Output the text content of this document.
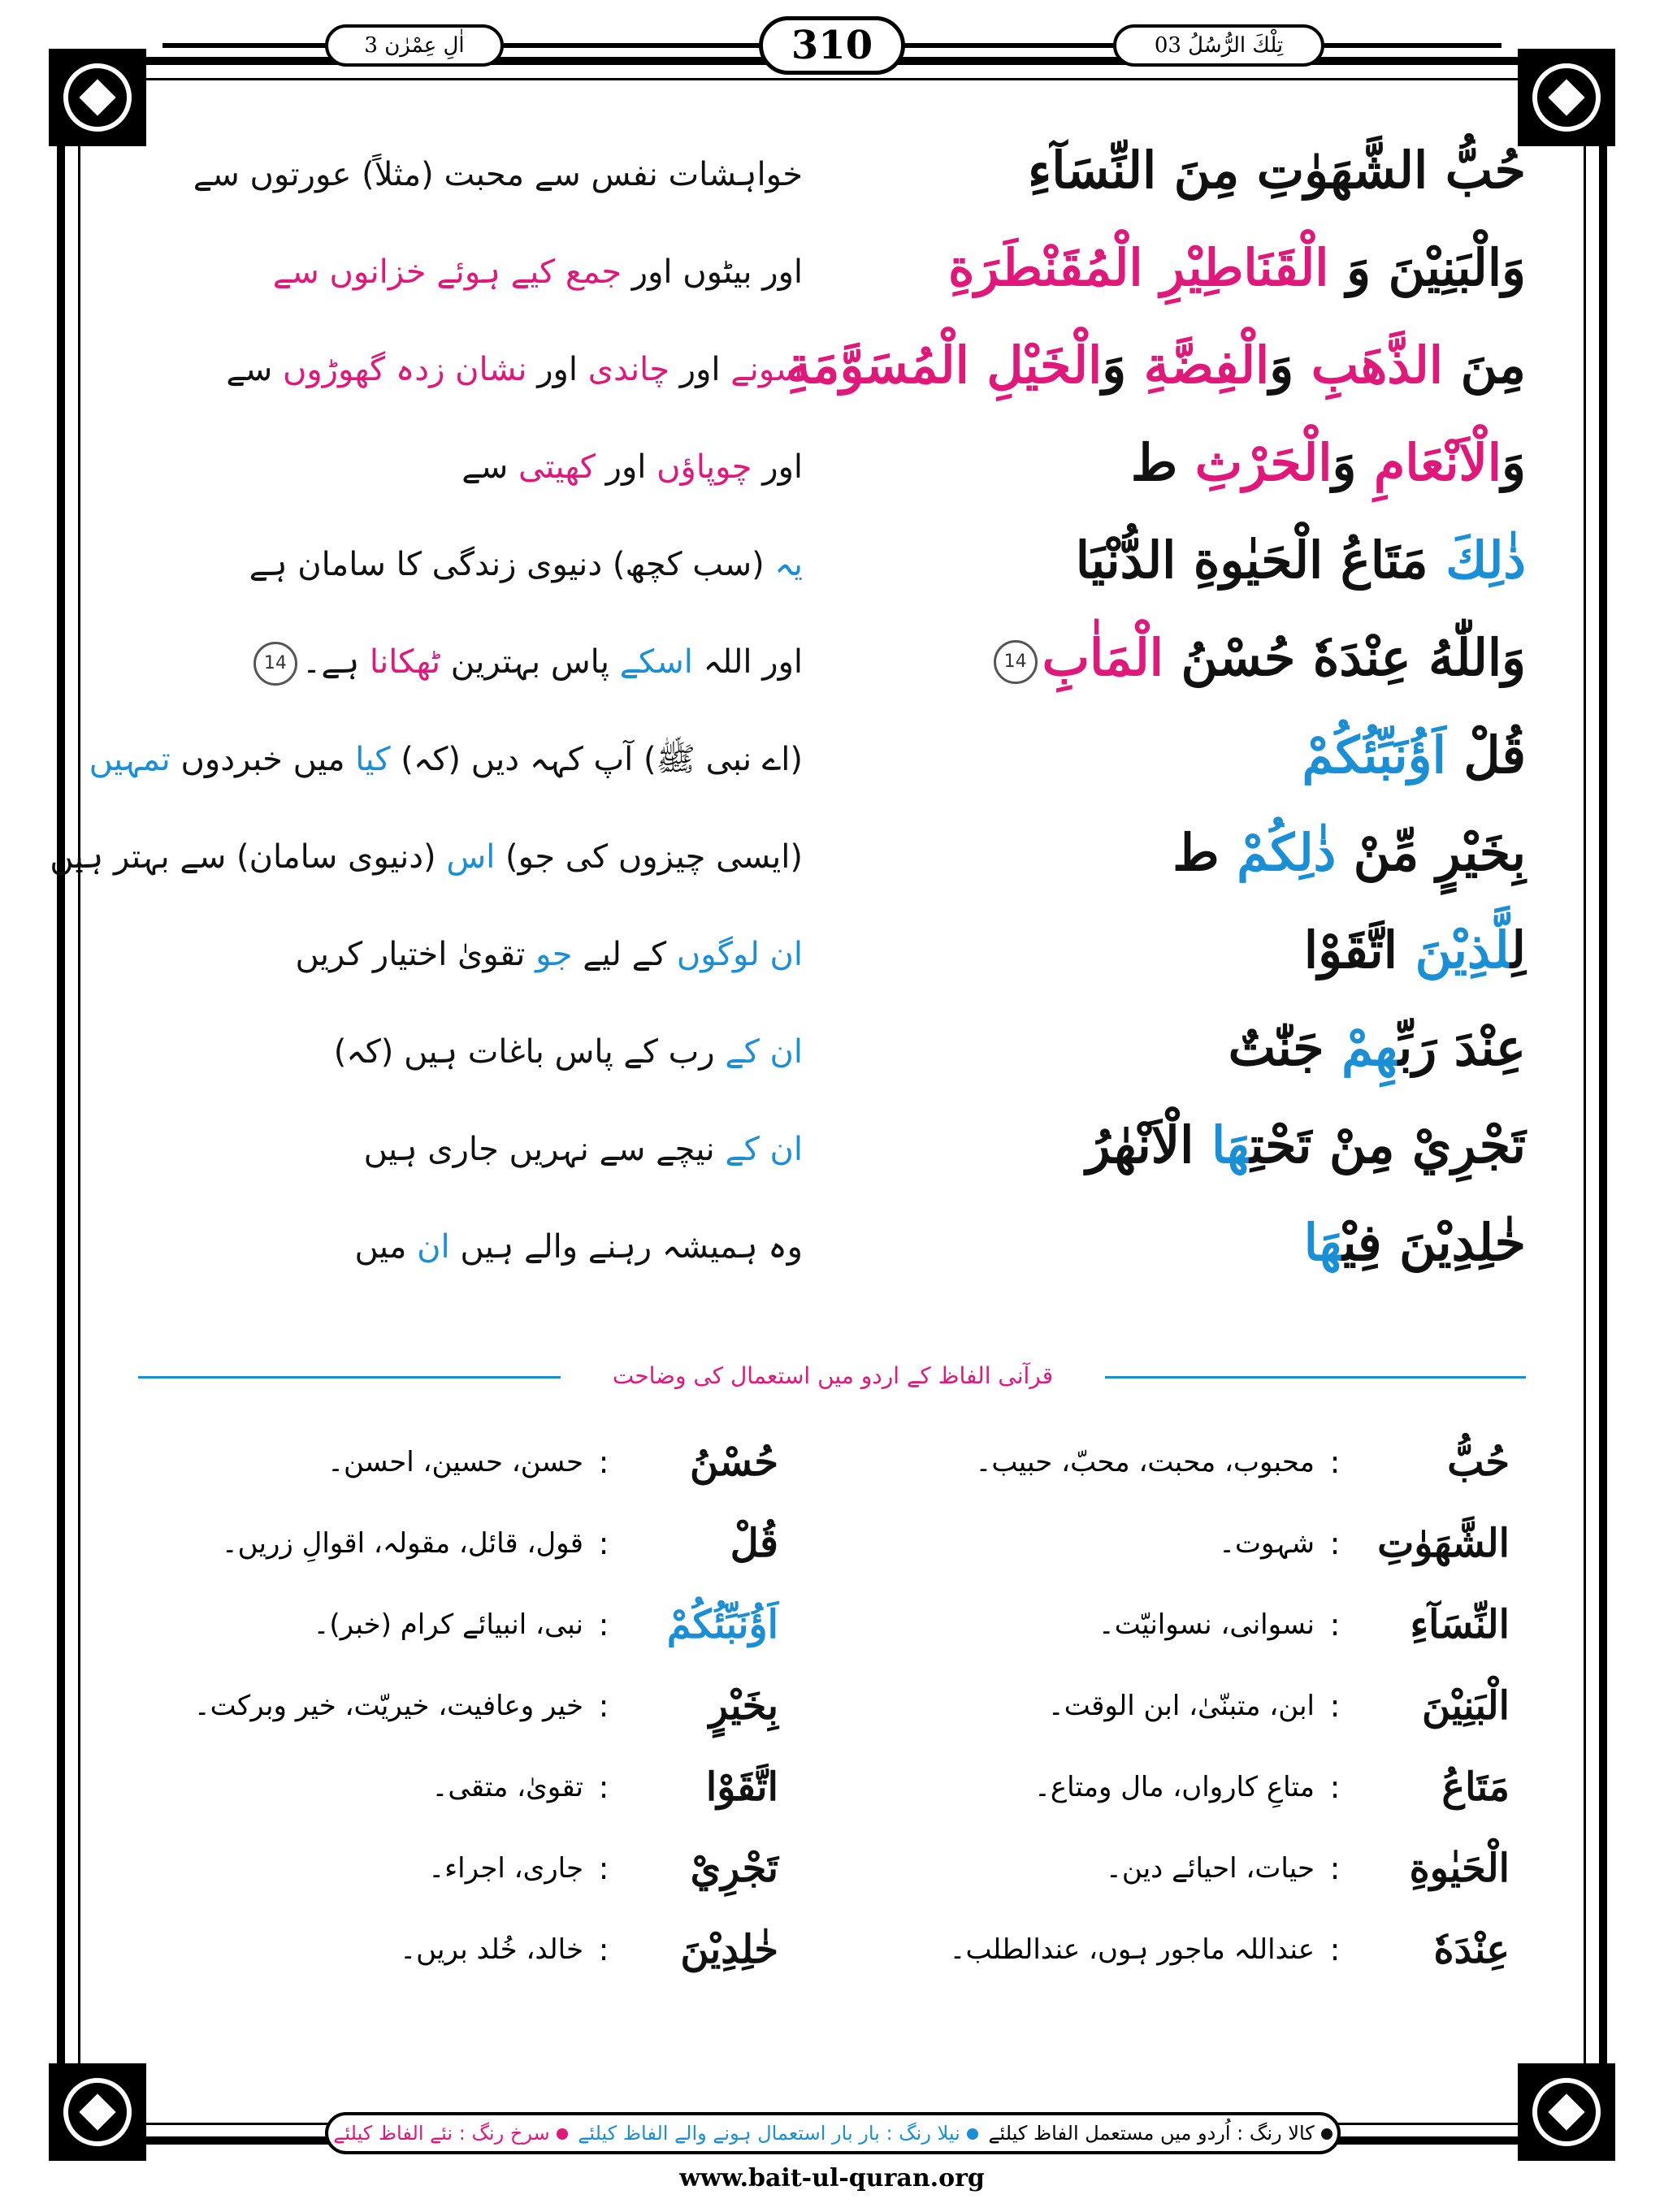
اٰلِ عِمْرٰن 3	310	تِلْكَ الرُّسُلُ 03
حُبُّ الشَّهَوٰتِ مِنَ النِّسَآءِ
خواہشات نفس سے محبت (مثلاً) عورتوں سے
وَالْبَنِيْنَ وَ الْقَنَاطِيْرِ الْمُقَنْطَرَةِ
اور بیٹوں اور جمع کیے ہوئے خزانوں سے
مِنَ الذَّهَبِ وَالْفِضَّةِ وَالْخَيْلِ الْمُسَوَّمَةِ
سونے اور چاندی اور نشان زدہ گھوڑوں سے
وَالْاَنْعَامِ وَالْحَرْثِ ط
اور چوپاؤں اور کھیتی سے
ذٰلِكَ مَتَاعُ الْحَيٰوةِ الدُّنْيَا
یہ (سب کچھ) دنیوی زندگی کا سامان ہے
وَاللّٰهُ عِنْدَهٗ حُسْنُ الْمَاٰبِ14
اور اللہ اسکے پاس بہترین ٹھکانا ہے۔14
قُلْ اَؤُنَبِّئُكُمْ
(اے نبی ﷺ) آپ کہہ دیں (کہ) کیا میں خبردوں تمہیں
بِخَيْرٍ مِّنْ ذٰلِكُمْ ط
(ایسی چیزوں کی جو) اس (دنیوی سامان) سے بہتر ہیں
لِلَّذِيْنَ اتَّقَوْا
ان لوگوں کے لیے جو تقویٰ اختیار کریں
عِنْدَ رَبِّهِمْ جَنّٰتٌ
ان کے رب کے پاس باغات ہیں (کہ)
تَجْرِيْ مِنْ تَحْتِهَا الْاَنْهٰرُ
ان کے نیچے سے نہریں جاری ہیں
خٰلِدِيْنَ فِيْهَا
وہ ہمیشہ رہنے والے ہیں ان میں
قرآنی الفاظ کے اردو میں استعمال کی وضاحت
حُبُّ
:
محبوب، محبت، محبّ، حبیب۔
الشَّهَوٰتِ
:
شہوت۔
النِّسَآءِ
:
نسوانی، نسوانیّت۔
الْبَنِيْنَ
:
ابن، متبنّیٰ، ابن الوقت۔
مَتَاعُ
:
متاعِ کارواں، مال ومتاع۔
الْحَيٰوةِ
:
حیات، احیائے دین۔
عِنْدَهٗ
:
عنداللہ ماجور ہوں، عندالطلب۔
حُسْنُ
:
حسن، حسین، احسن۔
قُلْ
:
قول، قائل، مقولہ، اقوالِ زریں۔
اَؤُنَبِّئُكُمْ
:
نبی، انبیائے کرام (خبر)۔
بِخَيْرٍ
:
خیر وعافیت، خیریّت، خیر وبرکت۔
اتَّقَوْا
:
تقویٰ، متقی۔
تَجْرِيْ
:
جاری، اجراء۔
خٰلِدِيْنَ
:
خالد، خُلد بریں۔
کالا رنگ : اُردو میں مستعمل الفاظ کیلئے
نیلا رنگ : بار بار استعمال ہونے والے الفاظ کیلئے
سرخ رنگ : نئے الفاظ کیلئے
www.bait-ul-quran.org
